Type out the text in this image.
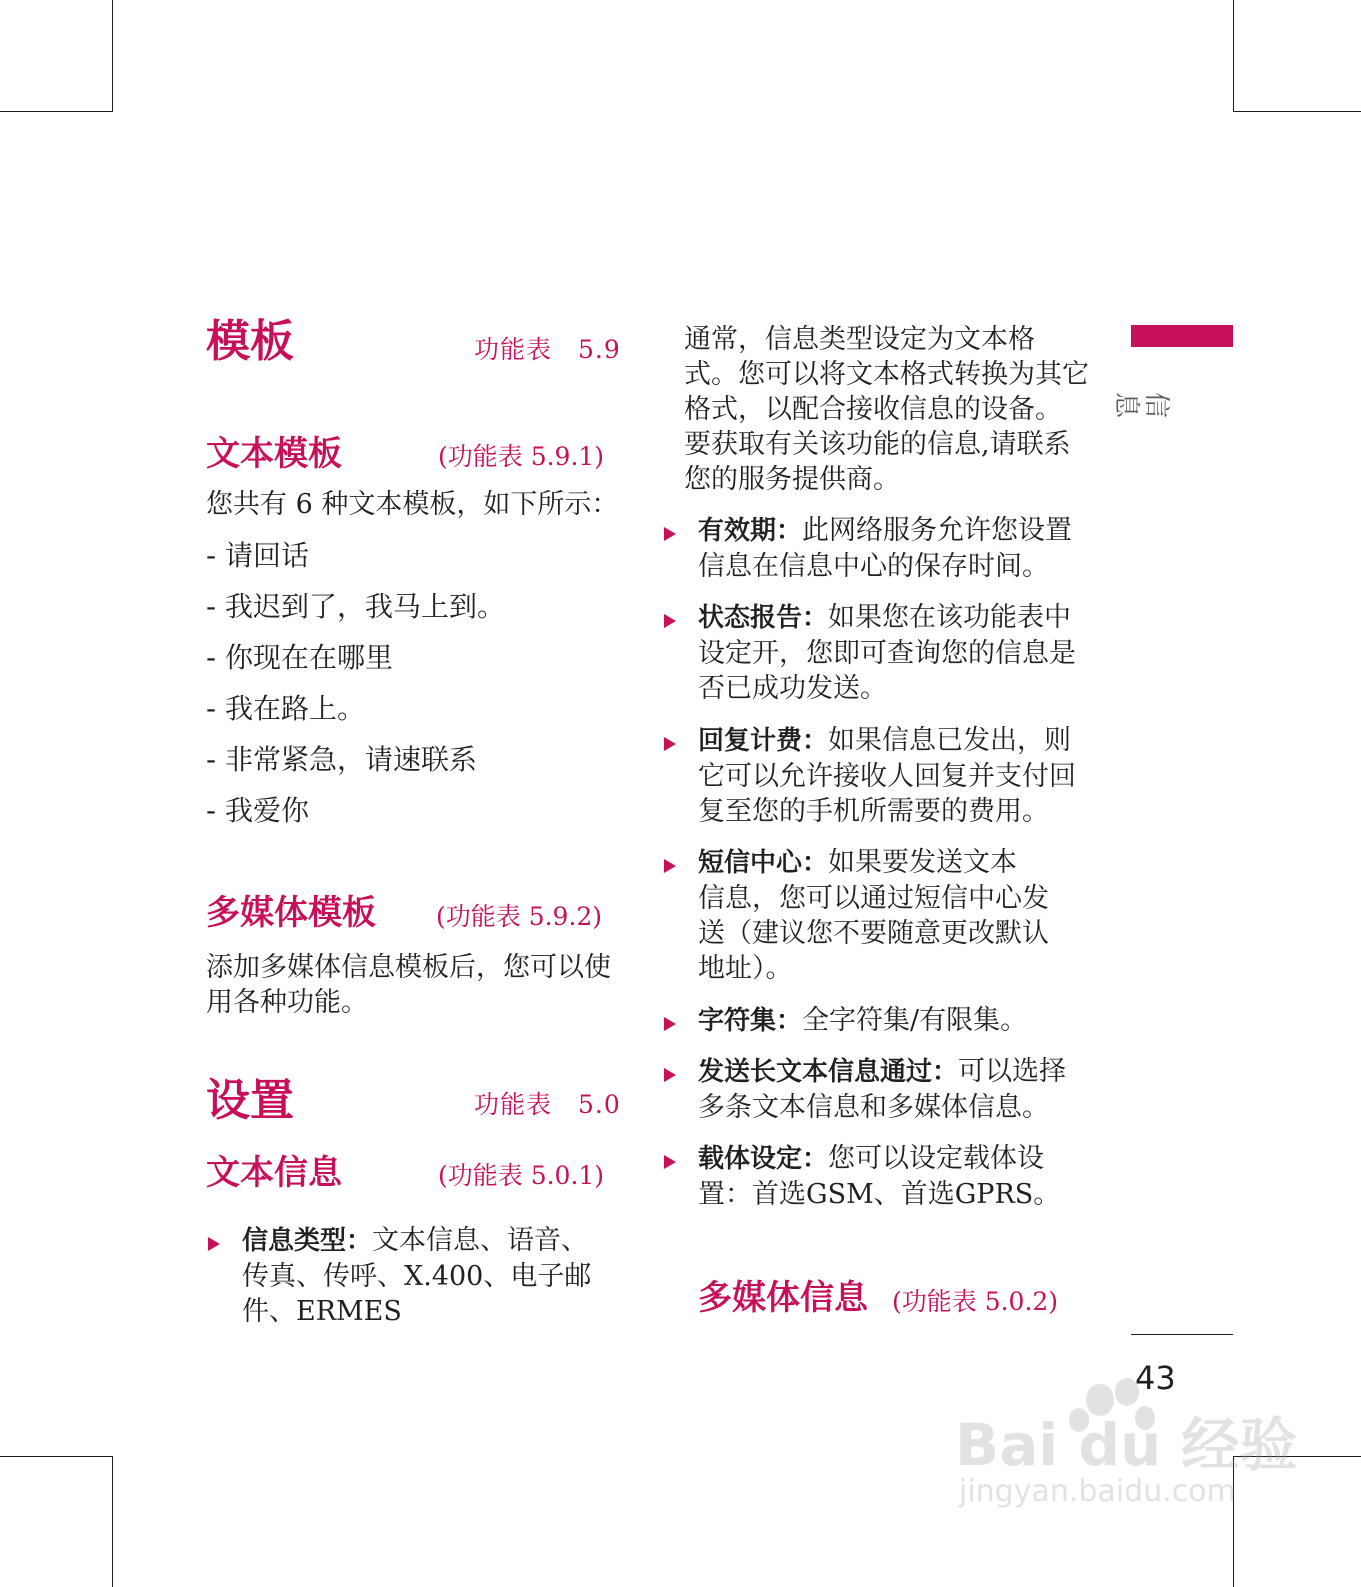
模板	功能表　5.9
文本模板	(功能表 5.9.1)

您共有 6 种文本模板，如下所示：

- 请回话
- 我迟到了，我马上到。
- 你现在在哪里
- 我在路上。
- 非常紧急，请速联系
- 我爱你
多媒体模板 (功能表 5.9.2)

添加多媒体信息模板后，您可以使

用各种功能。

设置	功能表　5.0
文本信息	(功能表 5.0.1)
信息类型：文本信息、语音、
传真、传呼、X.400、电子邮
件、ERMES
通常，信息类型设定为文本格
式。您可以将文本格式转换为其它
格式，以配合接收信息的设备。
要获取有关该功能的信息,请联系
您的服务提供商。
有效期：此网络服务允许您设置
信息在信息中心的保存时间。
状态报告：如果您在该功能表中
设定开，您即可查询您的信息是
否已成功发送。
回复计费：如果信息已发出，则
它可以允许接收人回复并支付回
复至您的手机所需要的费用。
短信中心：如果要发送文本
信息，您可以通过短信中心发
送（建议您不要随意更改默认
地址）。
字符集：全字符集/有限集。
发送长文本信息通过：可以选择
多条文本信息和多媒体信息。
载体设定：您可以设定载体设
置：首选GSM、首选GPRS。
多媒体信息 (功能表 5.0.2)
信息
43
Bai du 经验
jingyan.baidu.com
